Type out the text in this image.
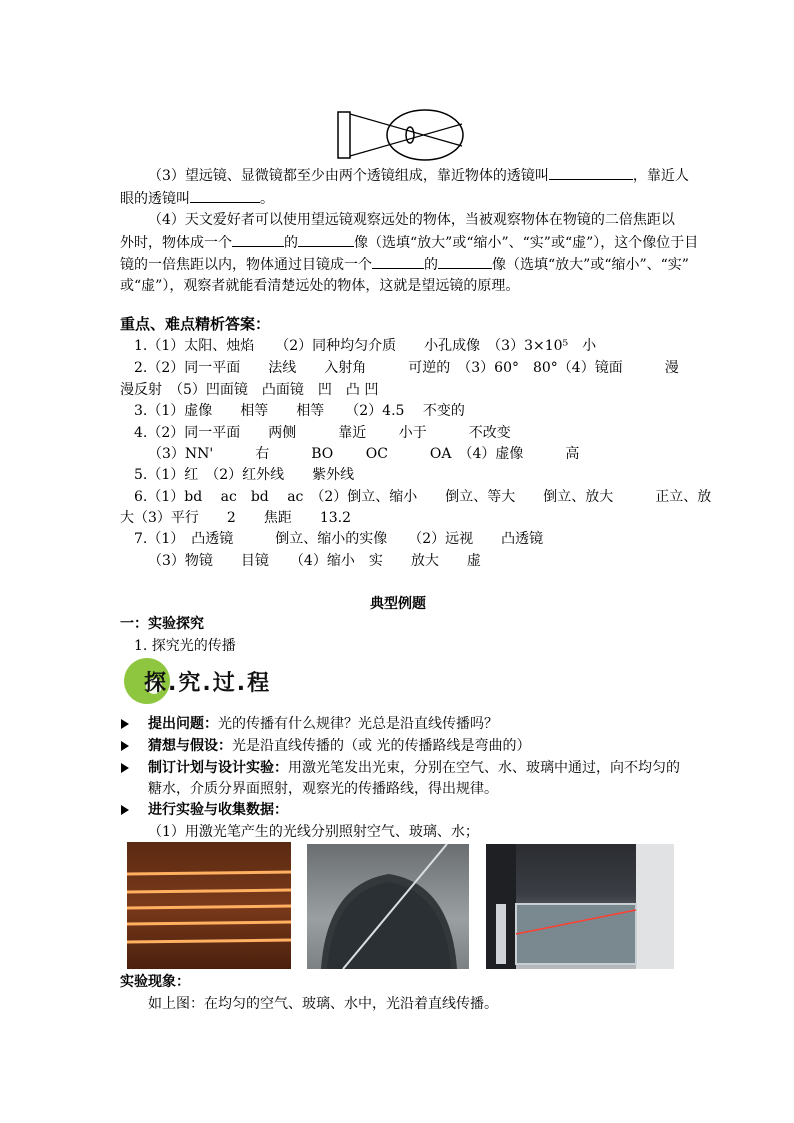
（3）望远镜、显微镜都至少由两个透镜组成，靠近物体的透镜叫	，靠近人
眼的透镜叫	。
（4）天文爱好者可以使用望远镜观察远处的物体，当被观察物体在物镜的二倍焦距以
外时，物体成一个	的	像（选填“放大”或“缩小”、“实”或“虚”），这个像位于目
镜的一倍焦距以内，物体通过目镜成一个	的	像（选填“放大”或“缩小”、“实”
或“虚”），观察者就能看清楚远处的物体，这就是望远镜的原理。
重点、难点精析答案：
1.（1）太阳、烛焰　　（2）同种均匀介质　　小孔成像　（3）3×10⁵　小
2.（2）同一平面　　法线　　入射角　　　可逆的　（3）60°　80°（4）镜面　　　漫
漫反射　（5）凹面镜　凸面镜　凹　凸 凹
3.（1）虚像　　相等　　相等　　（2）4.5　 不变的
4.（2）同一平面　　两侧　　　靠近　　 小于　　　不改变
（3）NN'　　　右　　　BO　　 OC　　　OA　（4）虚像　　　高
5.（1）红　（2）红外线　　紫外线
6.（1）bd　 ac　bd　 ac　（2）倒立、缩小　　倒立、等大　　倒立、放大　　　正立、放
大（3）平行　　2　　焦距　　13.2
7.（1）　凸透镜　　　倒立、缩小的实像　　（2）远视　　凸透镜
（3）物镜　　目镜　　（4）缩小　实　　放大　　虚
典型例题
一：实验探究
1. 探究光的传播
探.究.过.程
提出问题：光的传播有什么规律？光总是沿直线传播吗？
猜想与假设：光是沿直线传播的（或 光的传播路线是弯曲的）
制订计划与设计实验：用激光笔发出光束，分别在空气、水、玻璃中通过，向不均匀的
糖水，介质分界面照射，观察光的传播路线，得出规律。
进行实验与收集数据：
（1）用激光笔产生的光线分别照射空气、玻璃、水；
实验现象：
如上图：在均匀的空气、玻璃、水中，光沿着直线传播。
